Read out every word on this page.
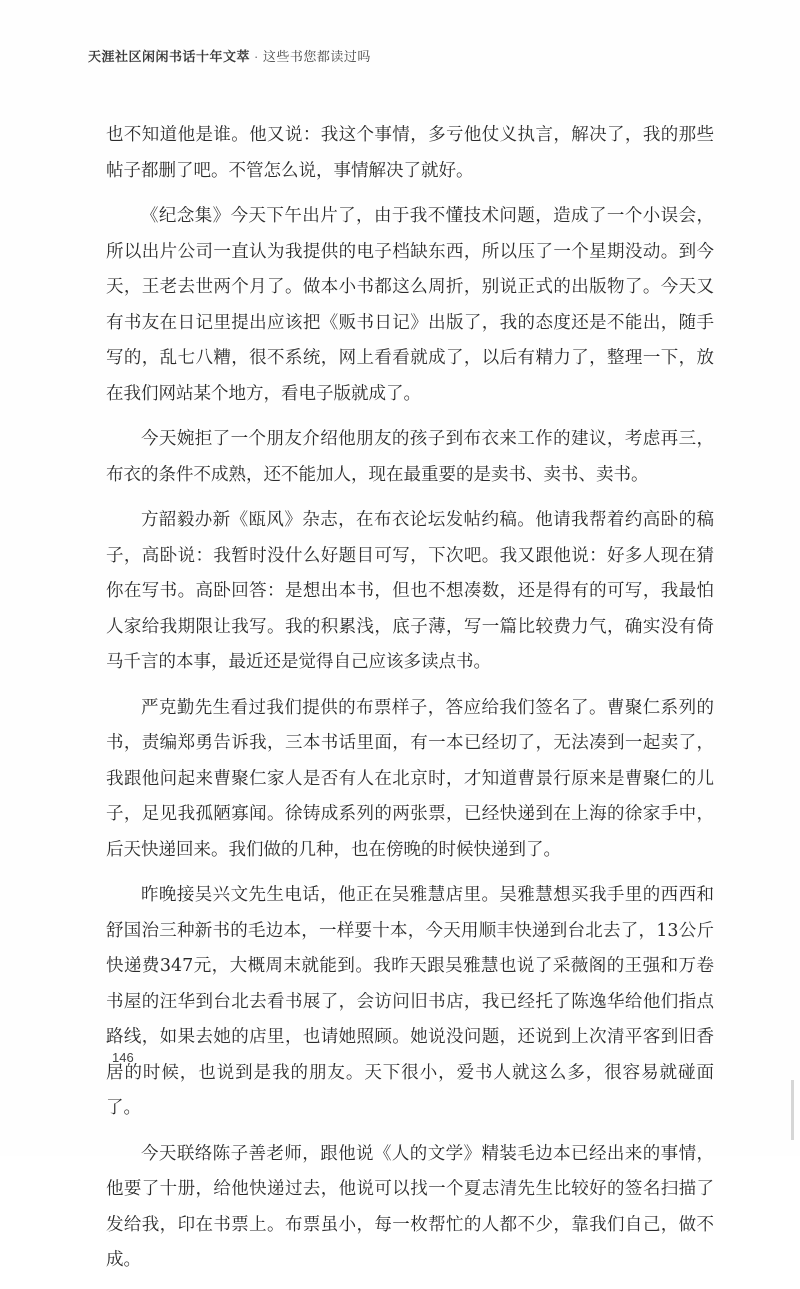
天涯社区闲闲书话十年文萃 · 这些书您都读过吗

也不知道他是谁。他又说：我这个事情，多亏他仗义执言，解决了，我的那些帖子都删了吧。不管怎么说，事情解决了就好。

《纪念集》今天下午出片了，由于我不懂技术问题，造成了一个小误会，所以出片公司一直认为我提供的电子档缺东西，所以压了一个星期没动。到今天，王老去世两个月了。做本小书都这么周折，别说正式的出版物了。今天又有书友在日记里提出应该把《贩书日记》出版了，我的态度还是不能出，随手写的，乱七八糟，很不系统，网上看看就成了，以后有精力了，整理一下，放在我们网站某个地方，看电子版就成了。

今天婉拒了一个朋友介绍他朋友的孩子到布衣来工作的建议，考虑再三，布衣的条件不成熟，还不能加人，现在最重要的是卖书、卖书、卖书。

方韶毅办新《瓯风》杂志，在布衣论坛发帖约稿。他请我帮着约高卧的稿子，高卧说：我暂时没什么好题目可写，下次吧。我又跟他说：好多人现在猜你在写书。高卧回答：是想出本书，但也不想凑数，还是得有的可写，我最怕人家给我期限让我写。我的积累浅，底子薄，写一篇比较费力气，确实没有倚马千言的本事，最近还是觉得自己应该多读点书。

严克勤先生看过我们提供的布票样子，答应给我们签名了。曹聚仁系列的书，责编郑勇告诉我，三本书话里面，有一本已经切了，无法凑到一起卖了，我跟他问起来曹聚仁家人是否有人在北京时，才知道曹景行原来是曹聚仁的儿子，足见我孤陋寡闻。徐铸成系列的两张票，已经快递到在上海的徐家手中，后天快递回来。我们做的几种，也在傍晚的时候快递到了。

昨晚接吴兴文先生电话，他正在吴雅慧店里。吴雅慧想买我手里的西西和舒国治三种新书的毛边本，一样要十本，今天用顺丰快递到台北去了，13公斤快递费347元，大概周末就能到。我昨天跟吴雅慧也说了采薇阁的王强和万卷书屋的汪华到台北去看书展了，会访问旧书店，我已经托了陈逸华给他们指点路线，如果去她的店里，也请她照顾。她说没问题，还说到上次清平客到旧香居的时候，也说到是我的朋友。天下很小，爱书人就这么多，很容易就碰面了。

今天联络陈子善老师，跟他说《人的文学》精装毛边本已经出来的事情，他要了十册，给他快递过去，他说可以找一个夏志清先生比较好的签名扫描了发给我，印在书票上。布票虽小，每一枚帮忙的人都不少，靠我们自己，做不成。

146
